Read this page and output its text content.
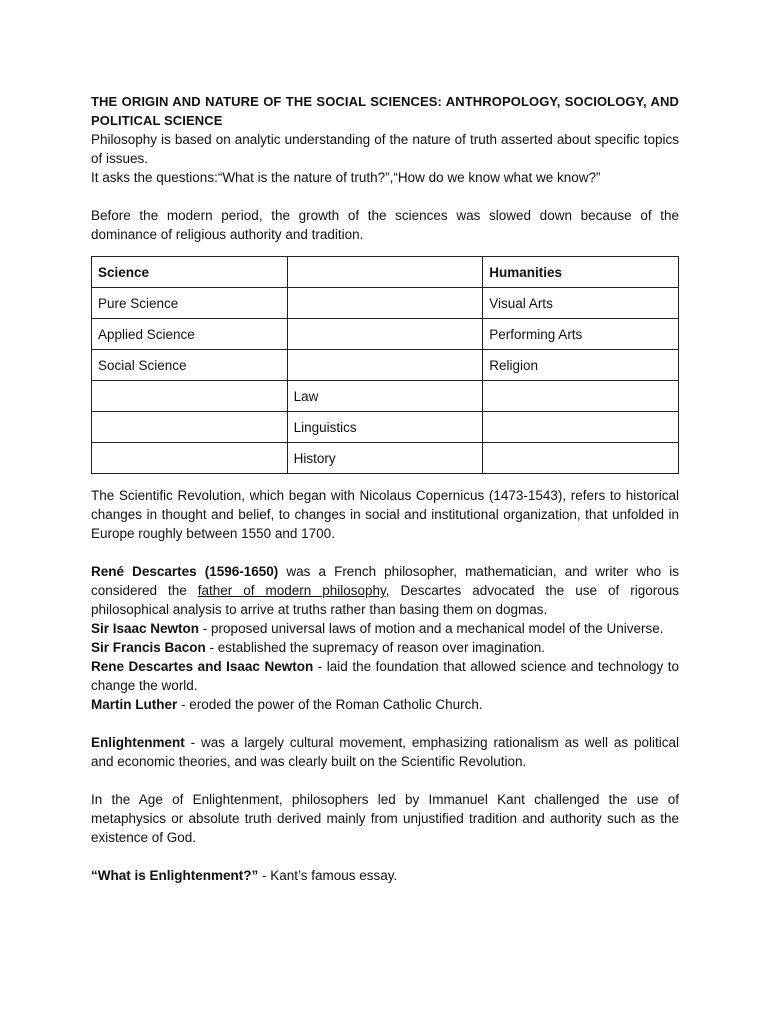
THE ORIGIN AND NATURE OF THE SOCIAL SCIENCES: ANTHROPOLOGY, SOCIOLOGY, AND POLITICAL SCIENCE

Philosophy is based on analytic understanding of the nature of truth asserted about specific topics of issues.

It asks the questions:“What is the nature of truth?”,“How do we know what we know?”

Before the modern period, the growth of the sciences was slowed down because of the dominance of religious authority and tradition.

Science		Humanities
Pure Science		Visual Arts
Applied Science		Performing Arts
Social Science		Religion
	Law	
	Linguistics	
	History	

The Scientific Revolution, which began with Nicolaus Copernicus (1473-1543), refers to historical changes in thought and belief, to changes in social and institutional organization, that unfolded in Europe roughly between 1550 and 1700.

René Descartes (1596-1650) was a French philosopher, mathematician, and writer who is considered the father of modern philosophy, Descartes advocated the use of rigorous philosophical analysis to arrive at truths rather than basing them on dogmas.

Sir Isaac Newton - proposed universal laws of motion and a mechanical model of the Universe.

Sir Francis Bacon - established the supremacy of reason over imagination.

Rene Descartes and Isaac Newton - laid the foundation that allowed science and technology to change the world.

Martin Luther - eroded the power of the Roman Catholic Church.

Enlightenment - was a largely cultural movement, emphasizing rationalism as well as political and economic theories, and was clearly built on the Scientific Revolution.

In the Age of Enlightenment, philosophers led by Immanuel Kant challenged the use of metaphysics or absolute truth derived mainly from unjustified tradition and authority such as the existence of God.

“What is Enlightenment?” - Kant’s famous essay.
